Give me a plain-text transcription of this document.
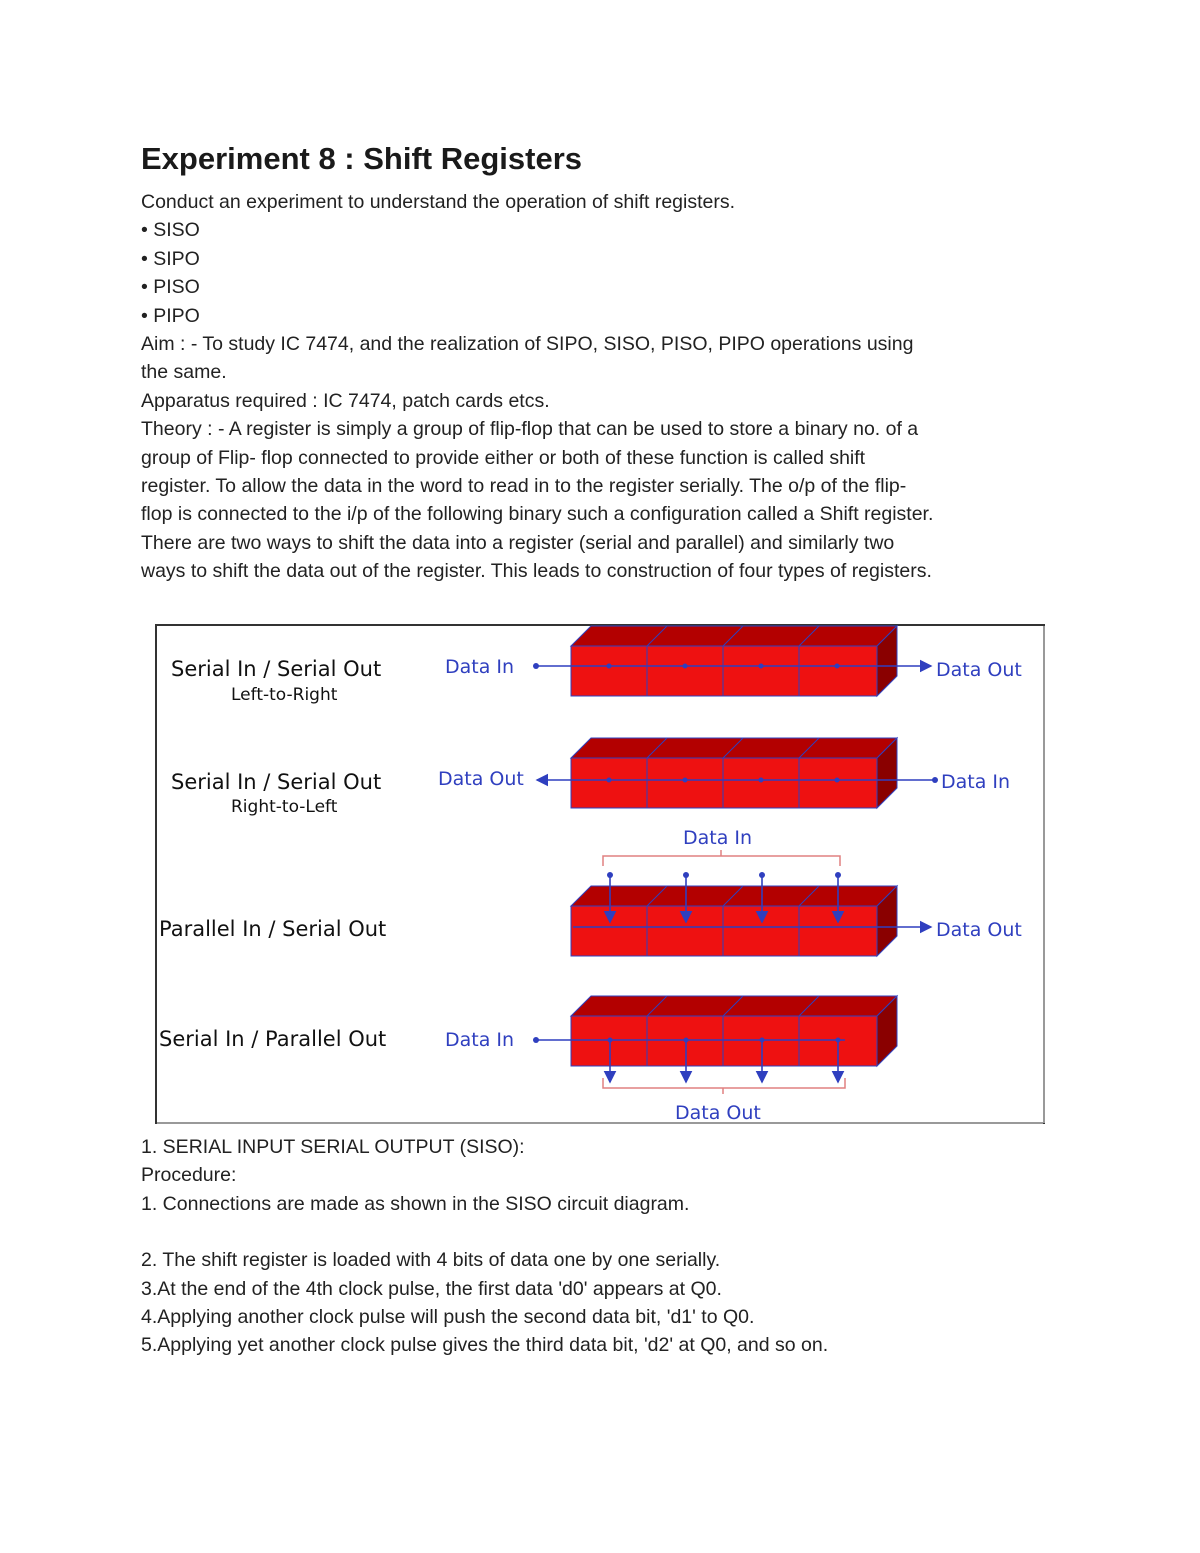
Experiment 8 : Shift Registers

Conduct an experiment to understand the operation of shift registers.

• SISO

• SIPO

• PISO

• PIPO

Aim : - To study IC 7474, and the realization of SIPO, SISO, PISO, PIPO operations using

the same.

Apparatus required : IC 7474, patch cards etcs.

Theory : - A register is simply a group of flip-flop that can be used to store a binary no. of a

group of Flip- flop connected to provide either or both of these function is called shift

register. To allow the data in the word to read in to the register serially. The o/p of the flip-

flop is connected to the i/p of the following binary such a configuration called a Shift register.

There are two ways to shift the data into a register (serial and parallel) and similarly two

ways to shift the data out of the register. This leads to construction of four types of registers.

Serial In / Serial Out
Left-to-Right
Data In	Data Out
Serial In / Serial Out
Right-to-Left
Data Out	Data In
Data In
Parallel In / Serial Out	Data Out
Serial In / Parallel Out	Data In
Data Out

1. SERIAL INPUT SERIAL OUTPUT (SISO):

Procedure:

1. Connections are made as shown in the SISO circuit diagram.

2. The shift register is loaded with 4 bits of data one by one serially.

3.At the end of the 4th clock pulse, the first data 'd0' appears at Q0.

4.Applying another clock pulse will push the second data bit, 'd1' to Q0.

5.Applying yet another clock pulse gives the third data bit, 'd2' at Q0, and so on.
